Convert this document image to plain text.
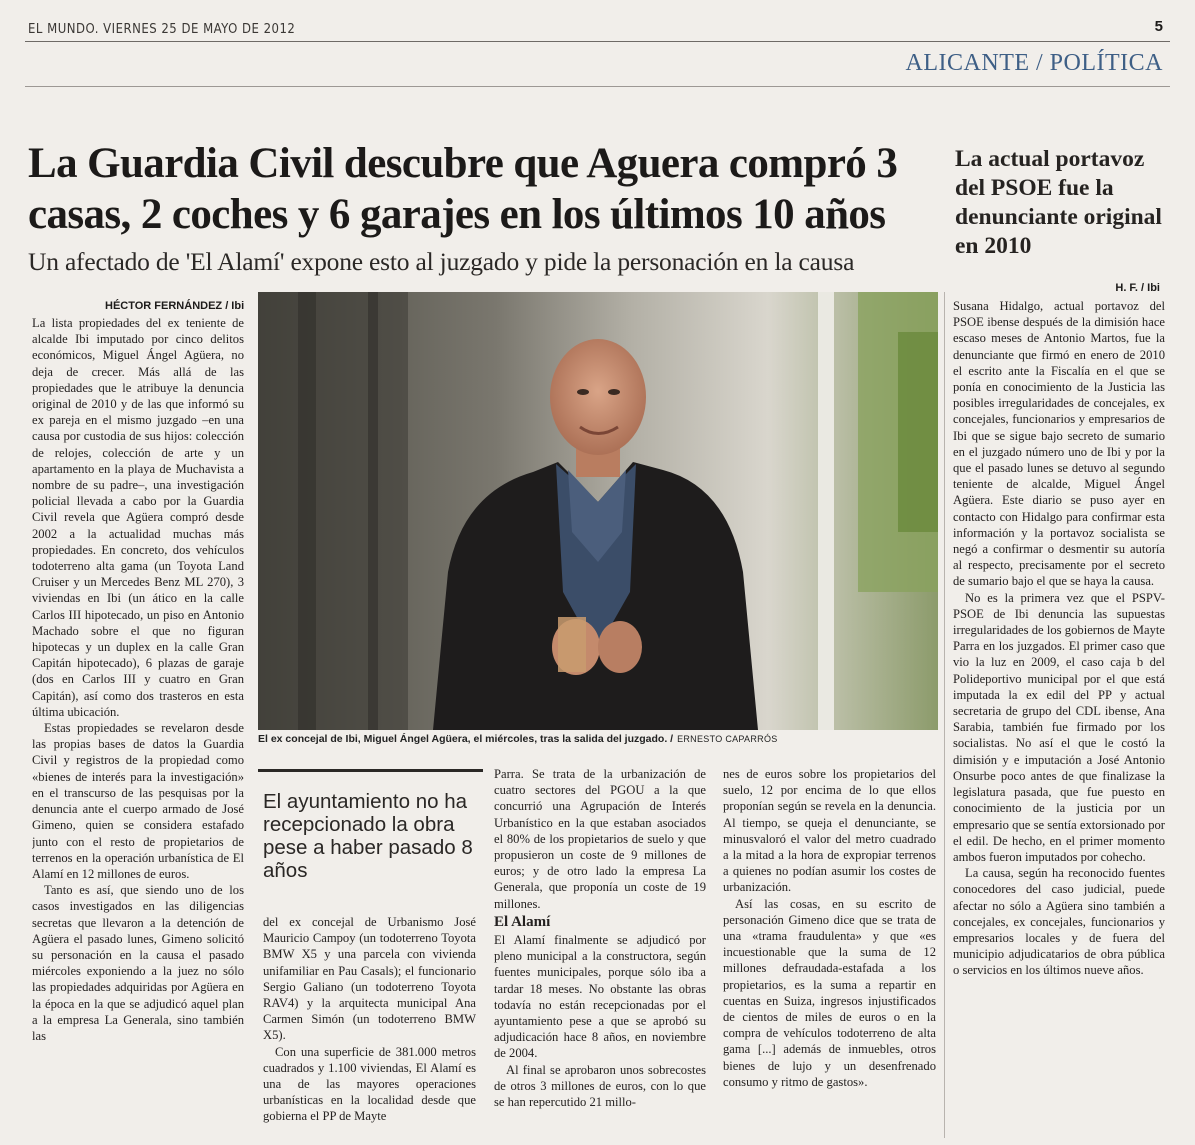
EL MUNDO. VIERNES 25 DE MAYO DE 2012	5
ALICANTE / POLÍTICA
La Guardia Civil descubre que Aguera compró 3
casas, 2 coches y 6 garajes en los últimos 10 años
Un afectado de 'El Alamí' expone esto al juzgado y pide la personación en la causa
La actual portavoz del PSOE fue la denunciante original en 2010
HÉCTOR FERNÁNDEZ / Ibi
H. F. / Ibi

La lista propiedades del ex teniente de alcalde Ibi imputado por cinco delitos económicos, Miguel Ángel Agüera, no deja de crecer. Más allá de las propiedades que le atribuye la denuncia original de 2010 y de las que informó su ex pareja en el mismo juzgado –en una causa por custodia de sus hijos: colección de relojes, colección de arte y un apartamento en la playa de Muchavista a nombre de su padre–, una investigación policial llevada a cabo por la Guardia Civil revela que Agüera compró desde 2002 a la actualidad muchas más propiedades. En concreto, dos vehículos todoterreno alta gama (un Toyota Land Cruiser y un Mercedes Benz ML 270), 3 viviendas en Ibi (un ático en la calle Carlos III hipotecado, un piso en Antonio Machado sobre el que no figuran hipotecas y un duplex en la calle Gran Capitán hipotecado), 6 plazas de garaje (dos en Carlos III y cuatro en Gran Capitán), así como dos trasteros en esta última ubicación.

Estas propiedades se revelaron desde las propias bases de datos la Guardia Civil y registros de la propiedad como «bienes de interés para la investigación» en el transcurso de las pesquisas por la denuncia ante el cuerpo armado de José Gimeno, quien se considera estafado junto con el resto de propietarios de terrenos en la operación urbanística de El Alamí en 12 millones de euros.

Tanto es así, que siendo uno de los casos investigados en las diligencias secretas que llevaron a la detención de Agüera el pasado lunes, Gimeno solicitó su personación en la causa el pasado miércoles exponiendo a la juez no sólo las propiedades adquiridas por Agüera en la época en la que se adjudicó aquel plan a la empresa La Generala, sino también las

El ex concejal de Ibi, Miguel Ángel Agüera, el miércoles, tras la salida del juzgado. / ERNESTO CAPARRÓS
El ayuntamiento no ha recepcionado la obra pese a haber pasado 8 años

del ex concejal de Urbanismo José Mauricio Campoy (un todoterreno Toyota BMW X5 y una parcela con vivienda unifamiliar en Pau Casals); el funcionario Sergio Galiano (un todoterreno Toyota RAV4) y la arquitecta municipal Ana Carmen Simón (un todoterreno BMW X5).

Con una superficie de 381.000 metros cuadrados y 1.100 viviendas, El Alamí es una de las mayores operaciones urbanísticas en la localidad desde que gobierna el PP de Mayte

Parra. Se trata de la urbanización de cuatro sectores del PGOU a la que concurrió una Agrupación de Interés Urbanístico en la que estaban asociados el 80% de los propietarios de suelo y que propusieron un coste de 9 millones de euros; y de otro lado la empresa La Generala, que proponía un coste de 19 millones.

El Alamí

El Alamí finalmente se adjudicó por pleno municipal a la constructora, según fuentes municipales, porque sólo iba a tardar 18 meses. No obstante las obras todavía no están recepcionadas por el ayuntamiento pese a que se aprobó su adjudicación hace 8 años, en noviembre de 2004.

Al final se aprobaron unos sobrecostes de otros 3 millones de euros, con lo que se han repercutido 21 millo-

nes de euros sobre los propietarios del suelo, 12 por encima de lo que ellos proponían según se revela en la denuncia. Al tiempo, se queja el denunciante, se minusvaloró el valor del metro cuadrado a la mitad a la hora de expropiar terrenos a quienes no podían asumir los costes de urbanización.

Así las cosas, en su escrito de personación Gimeno dice que se trata de una «trama fraudulenta» y que «es incuestionable que la suma de 12 millones defraudada-estafada a los propietarios, es la suma a repartir en cuentas en Suiza, ingresos injustificados de cientos de miles de euros o en la compra de vehículos todoterreno de alta gama [...] además de inmuebles, otros bienes de lujo y un desenfrenado consumo y ritmo de gastos».

Susana Hidalgo, actual portavoz del PSOE ibense después de la dimisión hace escaso meses de Antonio Martos, fue la denunciante que firmó en enero de 2010 el escrito ante la Fiscalía en el que se ponía en conocimiento de la Justicia las posibles irregularidades de concejales, ex concejales, funcionarios y empresarios de Ibi que se sigue bajo secreto de sumario en el juzgado número uno de Ibi y por la que el pasado lunes se detuvo al segundo teniente de alcalde, Miguel Ángel Agüera. Este diario se puso ayer en contacto con Hidalgo para confirmar esta información y la portavoz socialista se negó a confirmar o desmentir su autoría al respecto, precisamente por el secreto de sumario bajo el que se haya la causa.

No es la primera vez que el PSPV-PSOE de Ibi denuncia las supuestas irregularidades de los gobiernos de Mayte Parra en los juzgados. El primer caso que vio la luz en 2009, el caso caja b del Polideportivo municipal por el que está imputada la ex edil del PP y actual secretaria de grupo del CDL ibense, Ana Sarabia, también fue firmado por los socialistas. No así el que le costó la dimisión y e imputación a José Antonio Onsurbe poco antes de que finalizase la legislatura pasada, que fue puesto en conocimiento de la justicia por un empresario que se sentía extorsionado por el edil. De hecho, en el primer momento ambos fueron imputados por cohecho.

La causa, según ha reconocido fuentes conocedores del caso judicial, puede afectar no sólo a Agüera sino también a concejales, ex concejales, funcionarios y empresarios locales y de fuera del municipio adjudicatarios de obra pública o servicios en los últimos nueve años.
